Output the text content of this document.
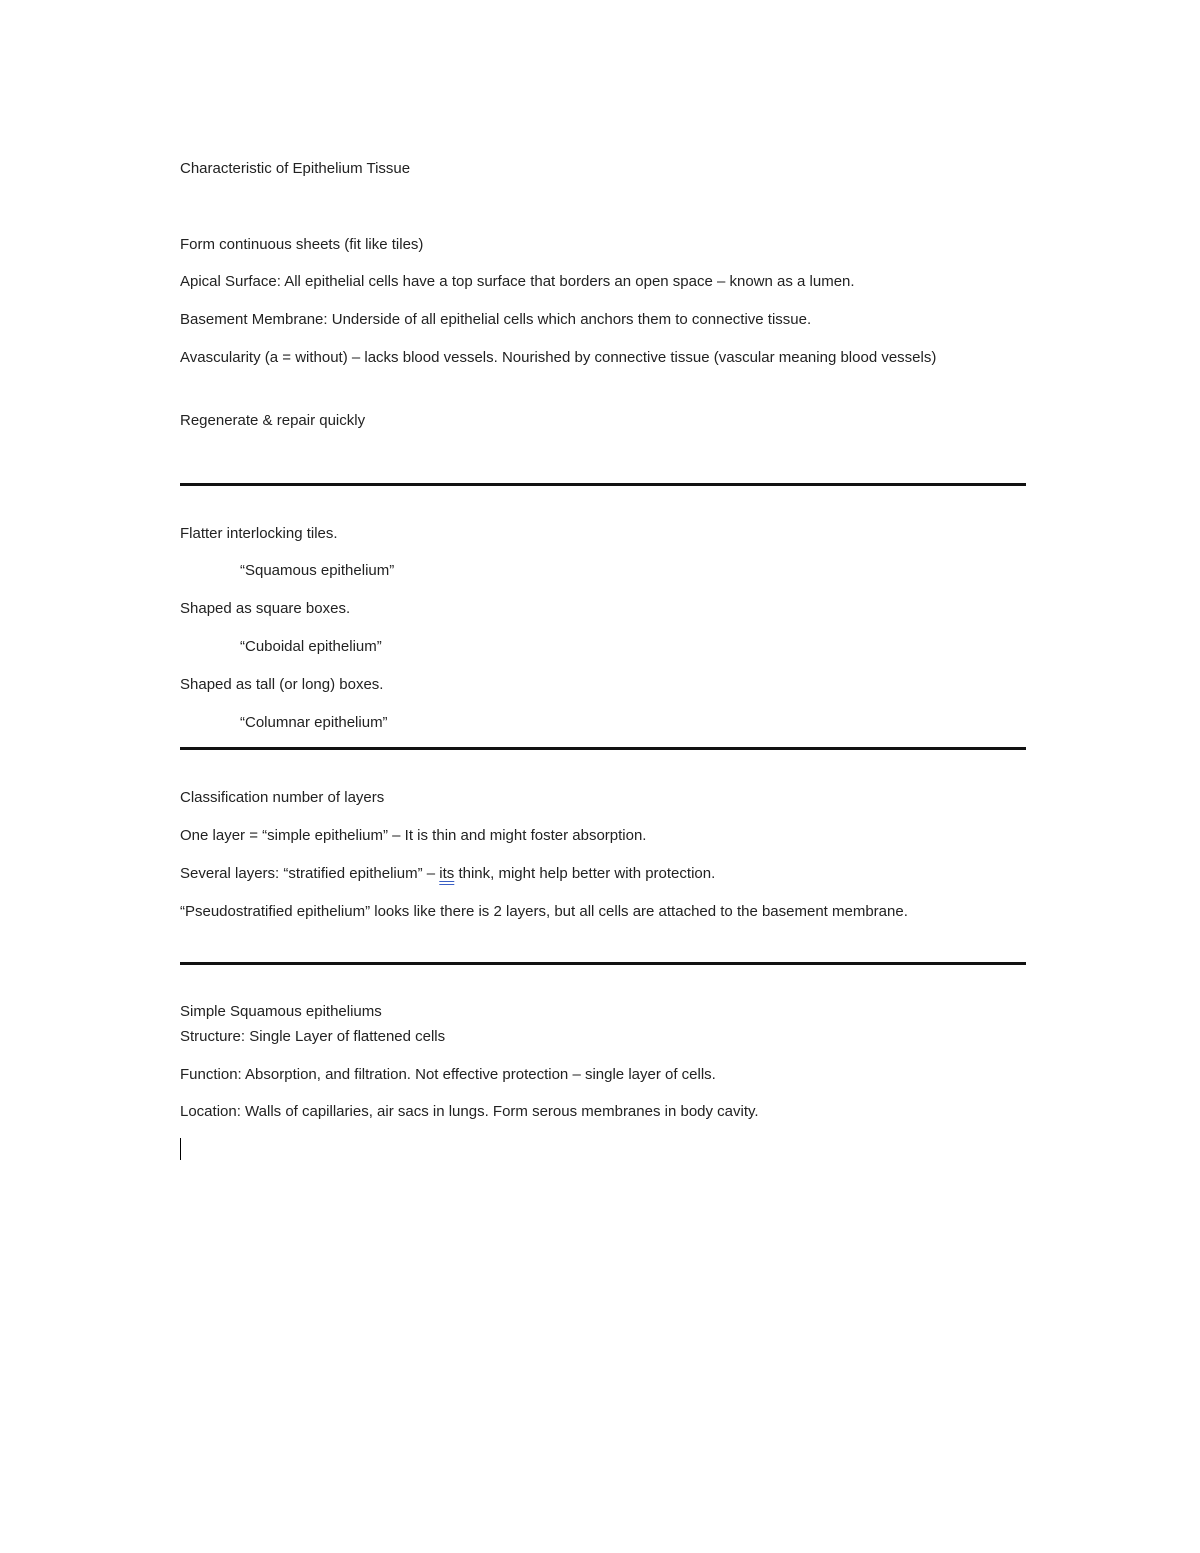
Characteristic of Epithelium Tissue
Form continuous sheets (fit like tiles)
Apical Surface: All epithelial cells have a top surface that borders an open space – known as a lumen.
Basement Membrane: Underside of all epithelial cells which anchors them to connective tissue.
Avascularity (a = without) – lacks blood vessels. Nourished by connective tissue (vascular meaning blood vessels)
Regenerate & repair quickly
Flatter interlocking tiles.
“Squamous epithelium”
Shaped as square boxes.
“Cuboidal epithelium”
Shaped as tall (or long) boxes.
“Columnar epithelium”
Classification number of layers
One layer = “simple epithelium” – It is thin and might foster absorption.
Several layers: “stratified epithelium” – its think, might help better with protection.
“Pseudostratified epithelium” looks like there is 2 layers, but all cells are attached to the basement membrane.
Simple Squamous epitheliums
Structure: Single Layer of flattened cells
Function: Absorption, and filtration. Not effective protection – single layer of cells.
Location: Walls of capillaries, air sacs in lungs. Form serous membranes in body cavity.
